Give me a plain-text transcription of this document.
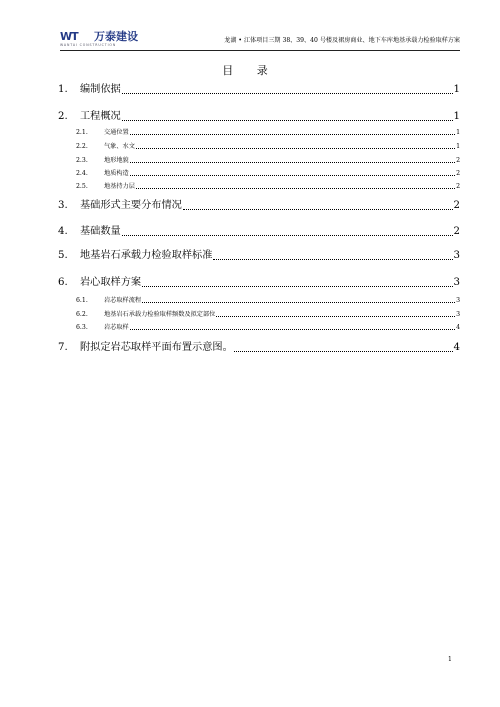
WT	万泰建设
WANTAI CONSTRUCTION
龙湖 • 江体项目三期 38、39、40 号楼及裙房商业、地下车库地基承载力检验取样方案
目 录
1.	编制依据	1
2.	工程概况	1
2.1.	交通位置	1
2.2.	气象、水文	1
2.3.	地形地貌	2
2.4.	地质构造	2
2.5.	地基持力层	2
3.	基础形式主要分布情况	2
4.	基础数量	2
5.	地基岩石承载力检验取样标准	3
6.	岩心取样方案	3
6.1.	岩芯取样流程	3
6.2.	地基岩石承载力检验取样频数及拟定部位	3
6.3.	岩芯取样	4
7.	附拟定岩芯取样平面布置示意图。	4
1
